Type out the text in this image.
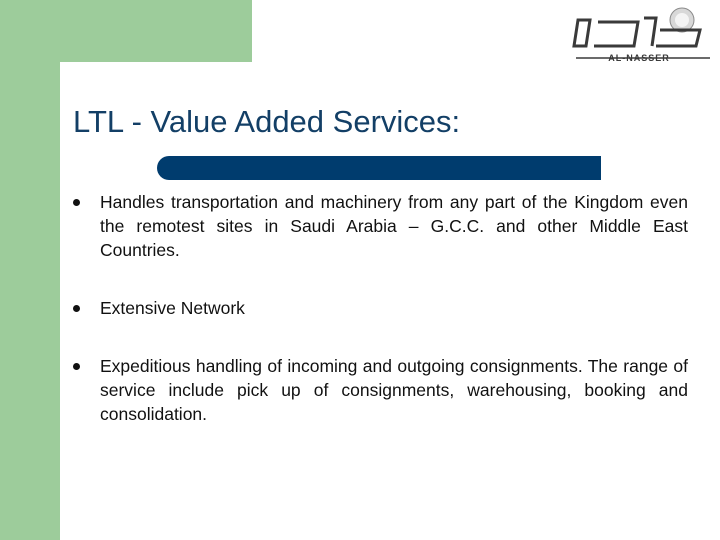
AL-NASSER
LTL - Value Added Services:
Handles transportation and machinery from any part of the Kingdom even the remotest sites in Saudi Arabia – G.C.C. and other Middle East Countries.
Extensive Network
Expeditious handling of incoming and outgoing consignments. The range of service include pick up of consignments, warehousing, booking and consolidation.
